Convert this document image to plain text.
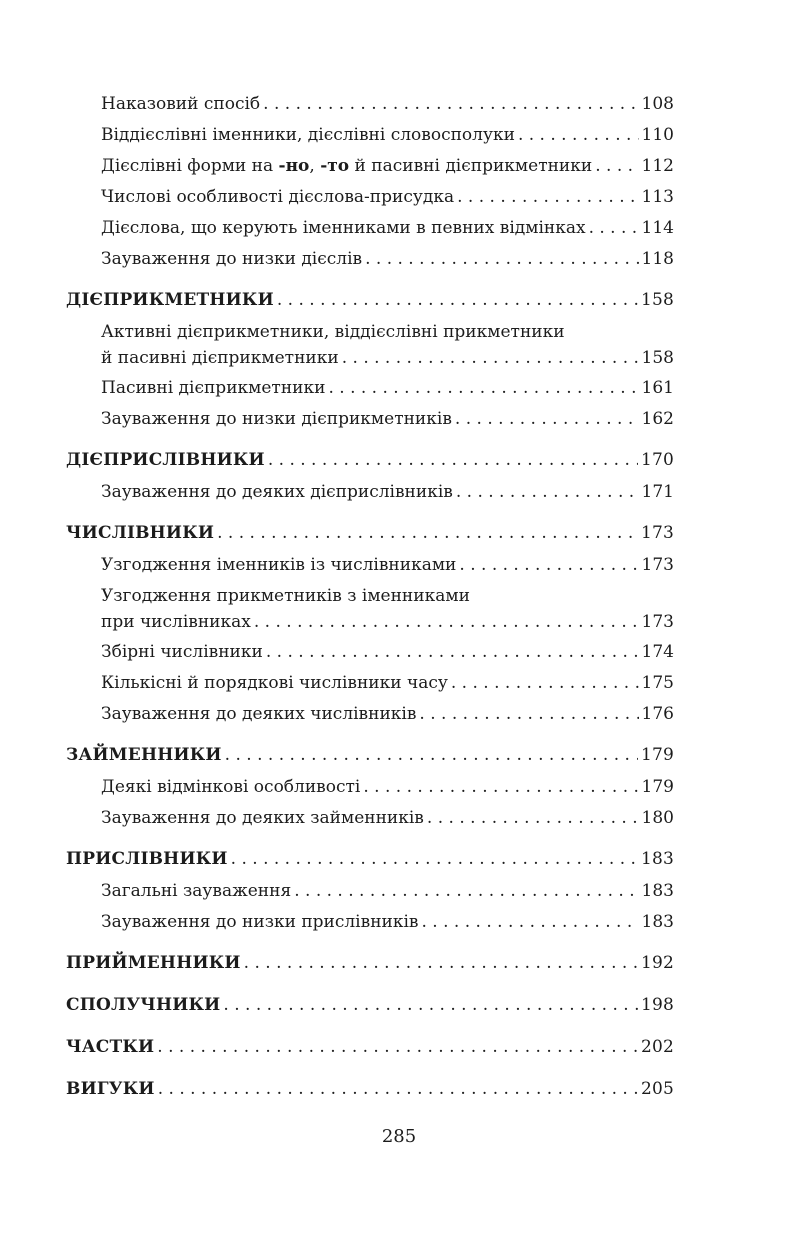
Наказовий спосіб . . .	108
Віддієслівні іменники, дієслівні словосполуки . . .	110
Дієслівні форми на -но, -то й пасивні дієприкметники . . .	112
Числові особливості дієслова-присудка . . .	113
Дієслова, що керують іменниками в певних відмінках . . .	114
Зауваження до низки дієслів . . .	118
ДІЄПРИКМЕТНИКИ . . .	158
Активні дієприкметники, віддієслівні прикметники
й пасивні дієприкметники . . .	158
Пасивні дієприкметники . . .	161
Зауваження до низки дієприкметників . . .	162
ДІЄПРИСЛІВНИКИ . . .	170
Зауваження до деяких дієприслівників . . .	171
ЧИСЛІВНИКИ . . .	173
Узгодження іменників із числівниками . . .	173
Узгодження прикметників з іменниками
при числівниках . . .	173
Збірні числівники . . .	174
Кількісні й порядкові числівники часу . . .	175
Зауваження до деяких числівників . . .	176
ЗАЙМЕННИКИ . . .	179
Деякі відмінкові особливості . . .	179
Зауваження до деяких займенників . . .	180
ПРИСЛІВНИКИ . . .	183
Загальні зауваження . . .	183
Зауваження до низки прислівників . . .	183
ПРИЙМЕННИКИ . . .	192
СПОЛУЧНИКИ . . .	198
ЧАСТКИ . . .	202
ВИГУКИ . . .	205
285
